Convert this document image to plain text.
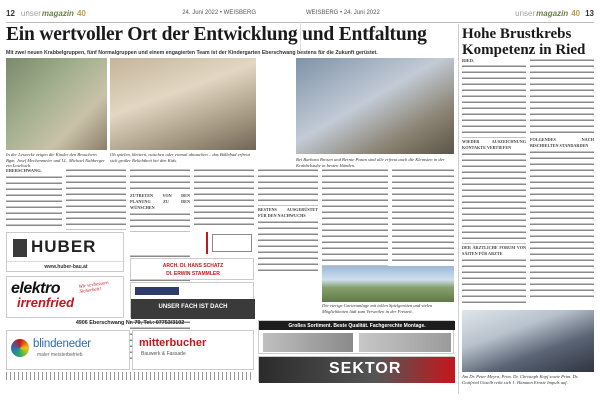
12 unsermagazin 40	24. Juni 2022 • WEISBERG	WEISBERG • 24. Juni 2022	unsermagazin 40 13
Ein wertvoller Ort der Entwicklung und Entfaltung
Mit zwei neuen Krabbelgruppen, fünf Normalgruppen und einem engagierten Team ist der Kindergarten Eberschwang bestens für die Zukunft gerüstet.
Hohe Brustkrebs
Kompetenz in Ried
In der Leseecke zeigen die Kinder den Besuchern Bgm. Josef Mechenmeier und LL. Michael Nahberger ein Lesebuch.
Ob spielen, klettern, rutschen oder einmal abtauchen – das Bällebad erfreut sich großer Beliebtheit bei den Kids.	Bei Barbara Brosen und Bernie Pozan sind alle erfreut auch die Kleinsten in der Krabbelstube in besten Händen.
EBERSCHWANG.
ZUTRETEN VON DEN PLANUNG ZU DEN WÜNSCHEN	BESTENS AUSGERÜSTET FÜR DEN NACHWUCHS
Die vierige Gartenanlage mit tollen Spielgeräten und vielen Möglichkeiten lädt zum Verweilen in der Freizeit.
HUBER
www.huber-bau.at
elektro
irrenfried
Wir verbessern Sicherheit!
4906 Eberschwang Nr. 79, Tel.: 07753/3102
ARCH. DI. HANS SCHATZ
DI. ERWIN STAMMLER
UNSER FACH IST DACH
blindeneder
maler meisterbetrieb
mitterbucher
Bauwerk & Fassade
Großes Sortiment. Beste Qualität. Fachgerechte Montage.
SEKTOR
RIED.
WIEDER AUSZEICHNUNG KONTAKTE VERTIEFEN
DER ÄRZTLICHE FORUM VON SÄITEN FÜR ARZTE
FOLGENDES NACH BISCHIELTEN STANDARDEN
Am Dr. Peter Meyrn, Prim. Dr. Christoph Kopf sowie Prim. Dr. Gottfried Unselb reiht sich 1. Hamann Ernste Impuls auf.
